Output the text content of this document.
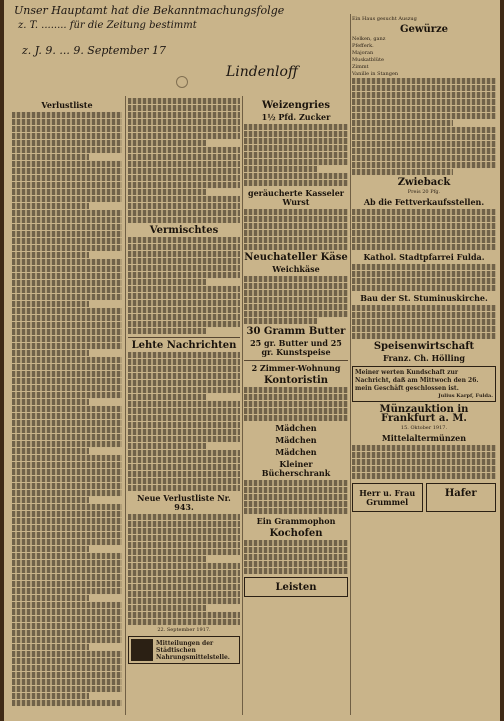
Unser Hauptamt hat die Bekanntmachungsfolge
z. T. ........ für die Zeitung bestimmt
z. J. 9. ... 9. September 17
Lindenloff
Verlustliste
Vermischtes
Lehte Nachrichten
Neue Verlustliste Nr. 943.
22. September 1917.
Mitteilungen der Städtischen Nahrungsmittelstelle.
Weizengries
1½ Pfd. Zucker
geräucherte Kasseler Wurst
Neuchateller Käse
Weichkäse
30 Gramm Butter
25 gr. Butter und 25 gr. Kunstspeise
2 Zimmer-Wohnung
Kontoristin
Mädchen
Mädchen
Mädchen
Kleiner Bücherschrank
Ein Grammophon
Kochofen
Leisten
Ein Haus gesucht Auszug
Gewürze
Nelken, ganz
Pfefferk.
Majoran
Muskatblüte
Zimmt
Vanille in Stangen
Zwieback
Preis 20 Pfg.
Ab die Fettverkaufsstellen.
Kathol. Stadtpfarrei Fulda.
Bau der St. Stuminuskirche.
Speisenwirtschaft
Franz. Ch. Hölling
Meiner werten Kundschaft zur Nachricht, daß am Mittwoch den 26. mein Geschäft geschlossen ist.
Julius Karpf, Fulda.
Münzauktion in Frankfurt a. M.
15. Oktober 1917.
Mittelaltermünzen
Herr u. Frau Grummel
Hafer
